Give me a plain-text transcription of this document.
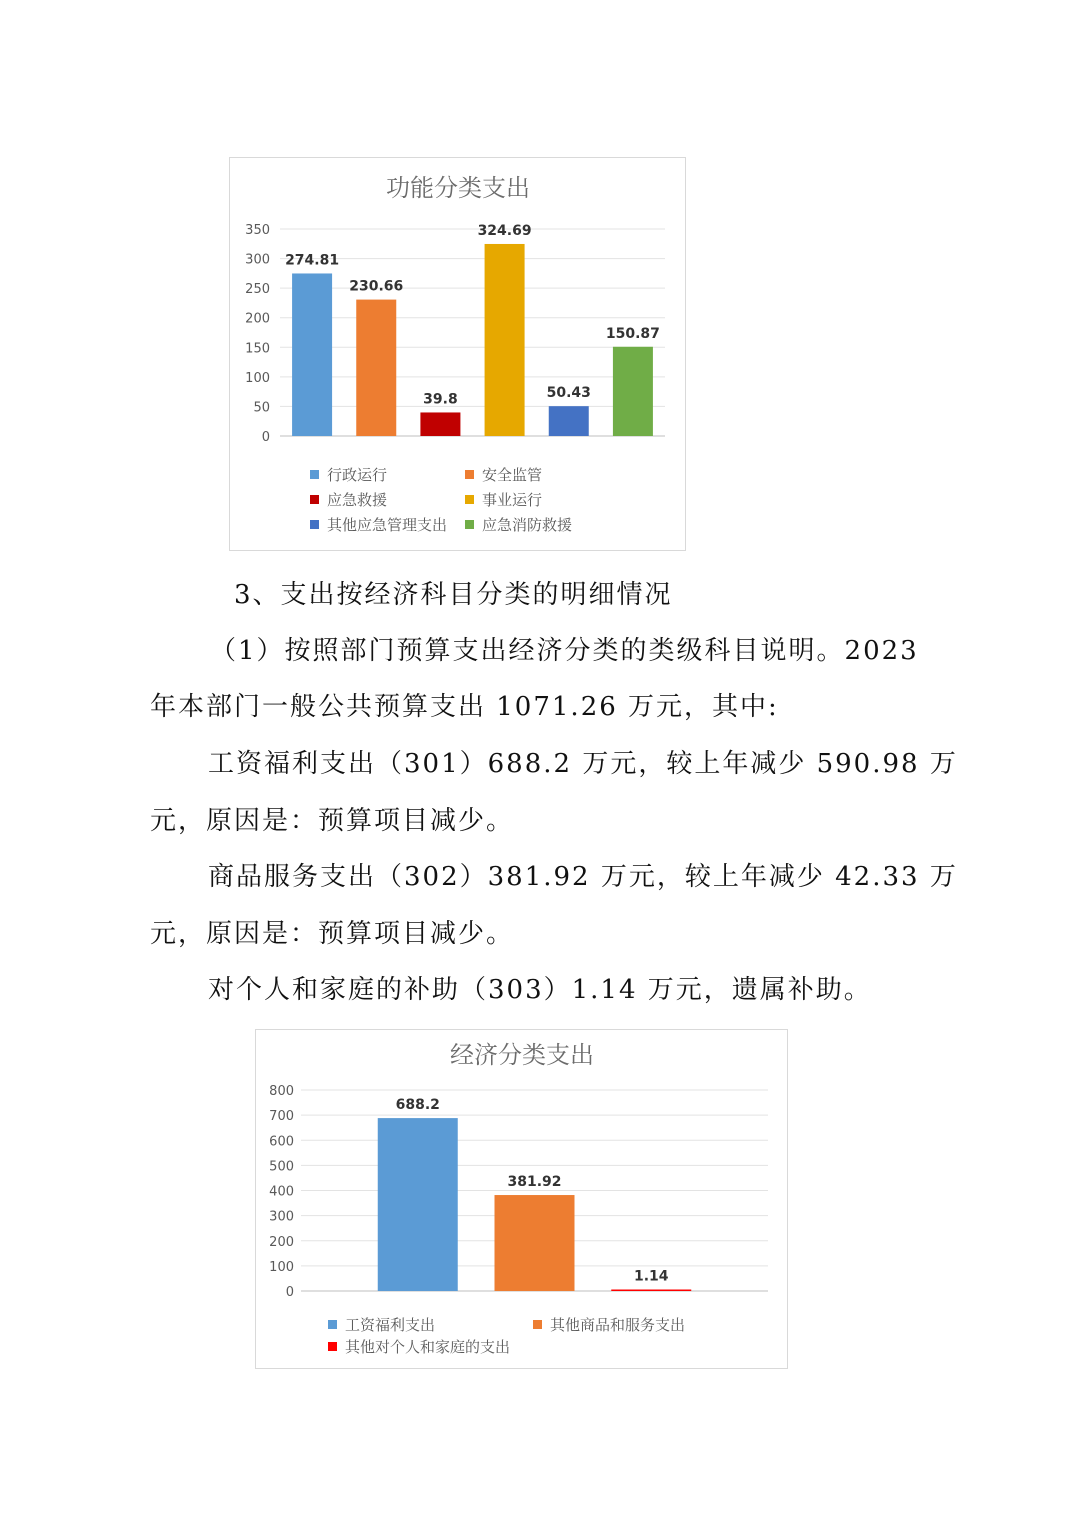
功能分类支出
0
50
100
150
200
250
300
350
274.81
230.66
39.8
324.69
50.43
150.87
行政运行	安全监管
应急救援	事业运行
其他应急管理支出 应急消防救援
3、支出按经济科目分类的明细情况
（1）按照部门预算支出经济分类的类级科目说明。2023
年本部门一般公共预算支出 1071.26 万元，其中:
工资福利支出（301）688.2 万元，较上年减少 590.98 万
元，原因是：预算项目减少。
商品服务支出（302）381.92 万元，较上年减少 42.33 万
元，原因是：预算项目减少。
对个人和家庭的补助（303）1.14 万元，遗属补助。
经济分类支出
0
100
200
300
400
500
600
700
800
688.2
381.92
1.14
工资福利支出	其他商品和服务支出
其他对个人和家庭的支出
